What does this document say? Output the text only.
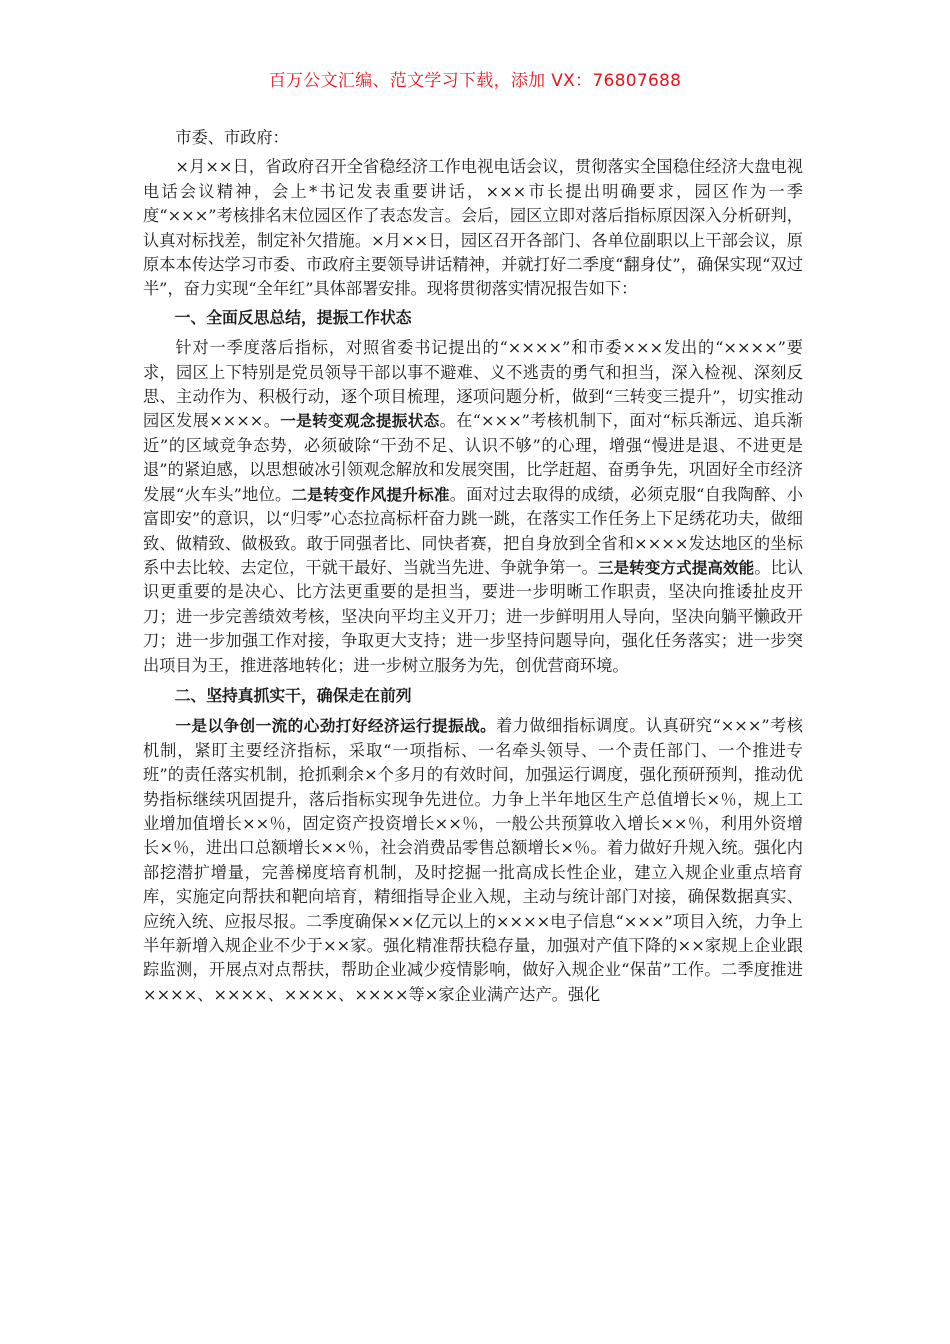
百万公文汇编、范文学习下载，添加 VX：76807688

市委、市政府：

×月××日，省政府召开全省稳经济工作电视电话会议，贯彻落实全国稳住经济大盘电视电话会议精神，会上*书记发表重要讲话，×××市长提出明确要求，园区作为一季度“×××”考核排名末位园区作了表态发言。会后，园区立即对落后指标原因深入分析研判，认真对标找差，制定补欠措施。×月××日，园区召开各部门、各单位副职以上干部会议，原原本本传达学习市委、市政府主要领导讲话精神，并就打好二季度“翻身仗”，确保实现“双过半”，奋力实现“全年红”具体部署安排。现将贯彻落实情况报告如下：

一、全面反思总结，提振工作状态

针对一季度落后指标，对照省委书记提出的“××××”和市委×××发出的“××××”要求，园区上下特别是党员领导干部以事不避难、义不逃责的勇气和担当，深入检视、深刻反思、主动作为、积极行动，逐个项目梳理，逐项问题分析，做到“三转变三提升”，切实推动园区发展××××。一是转变观念提振状态。在“×××”考核机制下，面对“标兵渐远、追兵渐近”的区域竞争态势，必须破除“干劲不足、认识不够”的心理，增强“慢进是退、不进更是退”的紧迫感，以思想破冰引领观念解放和发展突围，比学赶超、奋勇争先，巩固好全市经济发展“火车头”地位。二是转变作风提升标准。面对过去取得的成绩，必须克服“自我陶醉、小富即安”的意识，以“归零”心态拉高标杆奋力跳一跳，在落实工作任务上下足绣花功夫，做细致、做精致、做极致。敢于同强者比、同快者赛，把自身放到全省和××××发达地区的坐标系中去比较、去定位，干就干最好、当就当先进、争就争第一。三是转变方式提高效能。比认识更重要的是决心、比方法更重要的是担当，要进一步明晰工作职责，坚决向推诿扯皮开刀；进一步完善绩效考核，坚决向平均主义开刀；进一步鲜明用人导向，坚决向躺平懒政开刀；进一步加强工作对接，争取更大支持；进一步坚持问题导向，强化任务落实；进一步突出项目为王，推进落地转化；进一步树立服务为先，创优营商环境。

二、坚持真抓实干，确保走在前列

一是以争创一流的心劲打好经济运行提振战。着力做细指标调度。认真研究“×××”考核机制，紧盯主要经济指标，采取“一项指标、一名牵头领导、一个责任部门、一个推进专班”的责任落实机制，抢抓剩余×个多月的有效时间，加强运行调度，强化预研预判，推动优势指标继续巩固提升，落后指标实现争先进位。力争上半年地区生产总值增长×％，规上工业增加值增长××％，固定资产投资增长××％，一般公共预算收入增长××％，利用外资增长×％，进出口总额增长××％，社会消费品零售总额增长×％。着力做好升规入统。强化内部挖潜扩增量，完善梯度培育机制，及时挖掘一批高成长性企业，建立入规企业重点培育库，实施定向帮扶和靶向培育，精细指导企业入规，主动与统计部门对接，确保数据真实、应统入统、应报尽报。二季度确保××亿元以上的××××电子信息“×××”项目入统，力争上半年新增入规企业不少于××家。强化精准帮扶稳存量，加强对产值下降的××家规上企业跟踪监测，开展点对点帮扶，帮助企业减少疫情影响，做好入规企业“保苗”工作。二季度推进××××、××××、××××、××××等×家企业满产达产。强化
